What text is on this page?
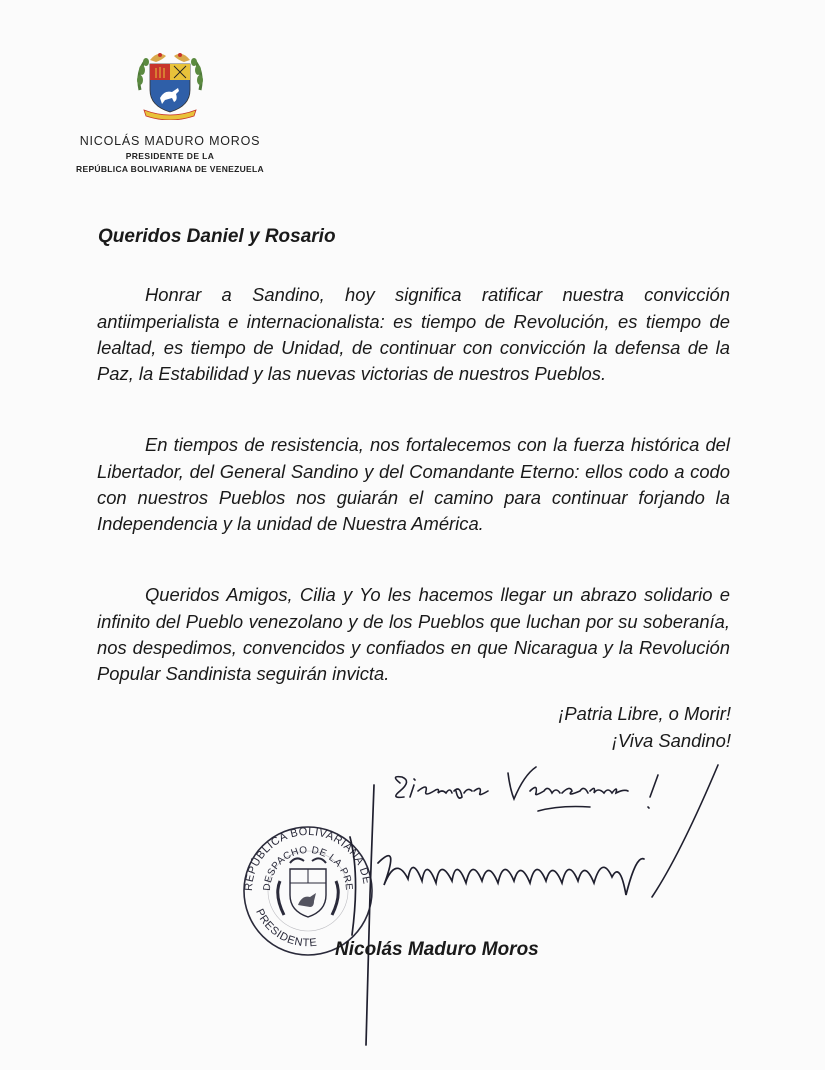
NICOLÁS MADURO MOROS
PRESIDENTE DE LA
REPÚBLICA BOLIVARIANA DE VENEZUELA
Queridos Daniel y Rosario

Honrar a Sandino, hoy significa ratificar nuestra convicción antiimperialista e internacionalista: es tiempo de Revolución, es tiempo de lealtad, es tiempo de Unidad, de continuar con convicción la defensa de la Paz, la Estabilidad y las nuevas victorias de nuestros Pueblos.

En tiempos de resistencia, nos fortalecemos con la fuerza histórica del Libertador, del General Sandino y del Comandante Eterno: ellos codo a codo con nuestros Pueblos nos guiarán el camino para continuar forjando la Independencia y la unidad de Nuestra América.

Queridos Amigos, Cilia y Yo les hacemos llegar un abrazo solidario e infinito del Pueblo venezolano y de los Pueblos que luchan por su soberanía, nos despedimos, convencidos y confiados en que Nicaragua y la Revolución Popular Sandinista seguirán invicta.

¡Patria Libre, o Morir!
¡Viva Sandino!
REPÚBLICA BOLIVARIANA DE
DESPACHO DE LA PRE
PRESIDENTE Nicolás Maduro Moros
